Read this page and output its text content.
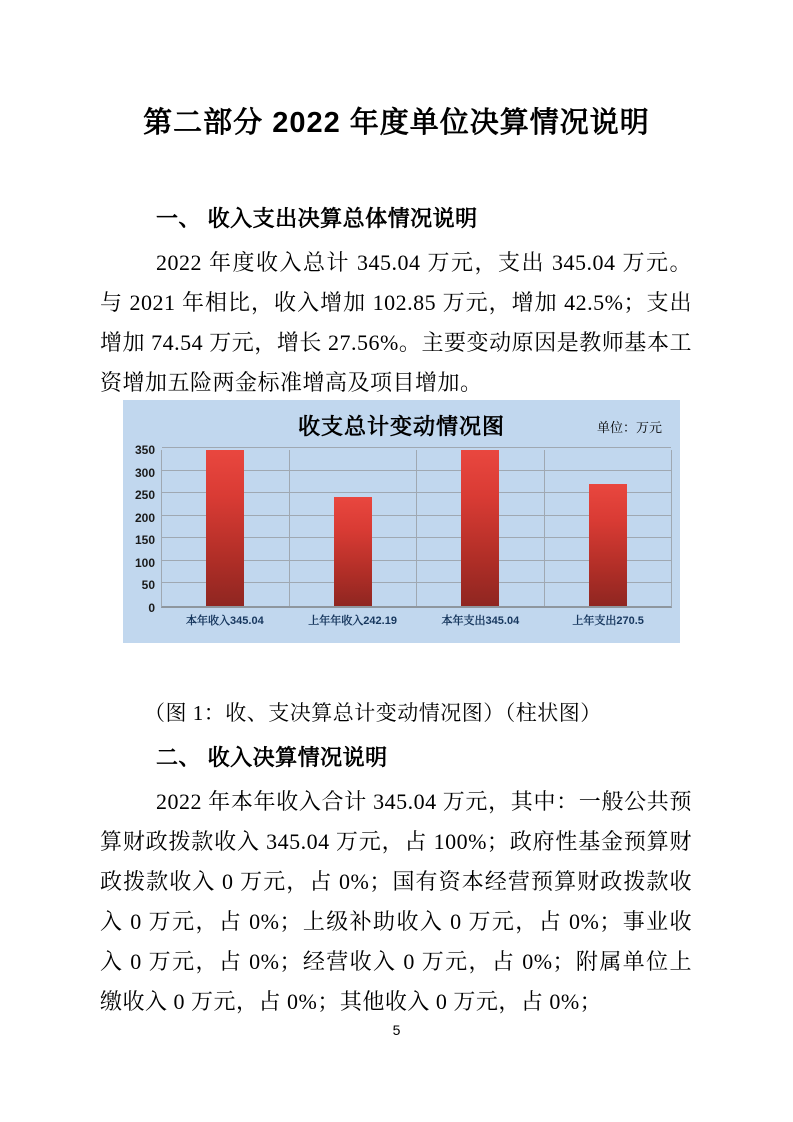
第二部分 2022 年度单位决算情况说明
一、 收入支出决算总体情况说明
2022 年度收入总计 345.04 万元，支出 345.04 万元。与 2021 年相比，收入增加 102.85 万元，增加 42.5%；支出增加 74.54 万元，增长 27.56%。主要变动原因是教师基本工资增加五险两金标准增高及项目增加。
收支总计变动情况图	单位：万元
0
50
100
150
200
250
300
350
本年收入345.04	上年年收入242.19	本年支出345.04	上年支出270.5
（图 1：收、支决算总计变动情况图）（柱状图）
二、 收入决算情况说明
2022 年本年收入合计 345.04 万元，其中：一般公共预算财政拨款收入 345.04 万元，占 100%；政府性基金预算财政拨款收入 0 万元，占 0%；国有资本经营预算财政拨款收入 0 万元，占 0%；上级补助收入 0 万元，占 0%；事业收入 0 万元，占 0%；经营收入 0 万元，占 0%；附属单位上缴收入 0 万元，占 0%；其他收入 0 万元，占 0%；
5
